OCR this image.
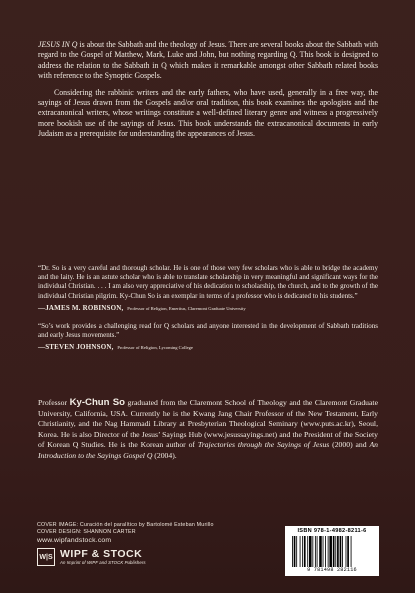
JESUS IN Q is about the Sabbath and the theology of Jesus. There are several books about the Sabbath with regard to the Gospel of Matthew, Mark, Luke and John, but nothing regarding Q. This book is designed to address the relation to the Sabbath in Q which makes it remarkable amongst other Sabbath related books with reference to the Synoptic Gospels.

Considering the rabbinic writers and the early fathers, who have used, generally in a free way, the sayings of Jesus drawn from the Gospels and/or oral tradition, this book examines the apologists and the extracanonical writers, whose writings constitute a well-defined literary genre and witness a progressively more bookish use of the sayings of Jesus. This book understands the extracanonical documents in early Judaism as a prerequisite for understanding the appearances of Jesus.

“Dr. So is a very careful and thorough scholar. He is one of those very few scholars who is able to bridge the academy and the laity. He is an astute scholar who is able to translate scholarship in very meaningful and significant ways for the individual Christian. . . . I am also very appreciative of his dedication to scholarship, the church, and to the growth of the individual Christian pilgrim. Ky-Chun So is an exemplar in terms of a professor who is dedicated to his students.”

—JAMES M. ROBINSON, Professor of Religion, Emeritus, Claremont Graduate University

“So’s work provides a challenging read for Q scholars and anyone interested in the development of Sabbath traditions and early Jesus movements.”

—STEVEN JOHNSON, Professor of Religion, Lycoming College

Professor Ky-Chun So graduated from the Claremont School of Theology and the Claremont Graduate University, California, USA. Currently he is the Kwang Jang Chair Professor of the New Testament, Early Christianity, and the Nag Hammadi Library at Presbyterian Theological Seminary (www.puts.ac.kr), Seoul, Korea. He is also Director of the Jesus’ Sayings Hub (www.jesussayings.net) and the President of the Society of Korean Q Studies. He is the Korean author of Trajectories through the Sayings of Jesus (2000) and An Introduction to the Sayings Gospel Q (2004).

COVER IMAGE: Curación del paralítico by Bartolomé Esteban Murillo
COVER DESIGN: SHANNON CARTER
www.wipfandstock.com
W|S WIPF & STOCK
An Imprint of WIPF and STOCK Publishers
ISBN 978-1-4982-8211-6
9 781498 282116
